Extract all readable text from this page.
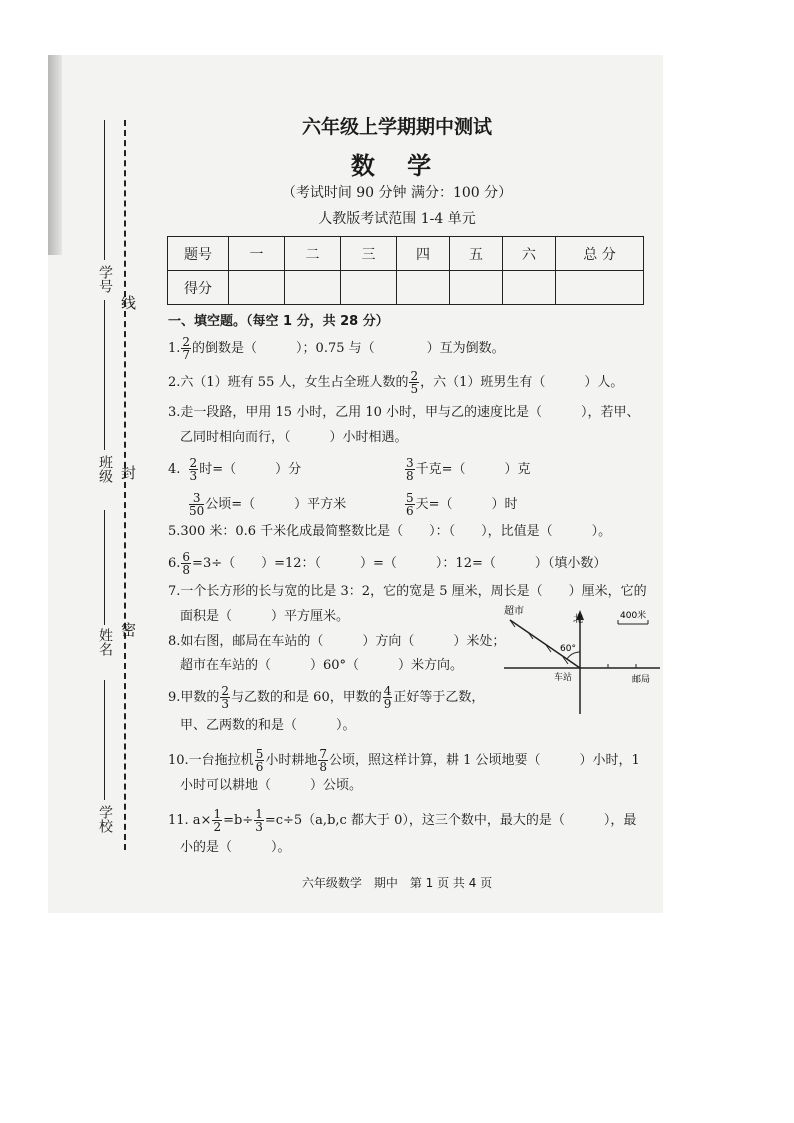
学号
线
班级 封
姓名 密
学校
六年级上学期期中测试
数 学
（考试时间 90 分钟 满分：100 分）
人教版考试范围 1-4 单元
题号	一	二	三	四	五	六	总 分
得分							
一、填空题。（每空 1 分，共 28 分）
1. $\frac{2}{7}$ 的倒数是（　　　）；0.75 与（　　　　）互为倒数。
2.六（1）班有 55 人，女生占全班人数的 $\frac{2}{5}$ ，六（1）班男生有（　　　）人。
3.走一段路，甲用 15 小时，乙用 10 小时，甲与乙的速度比是（　　　），若甲、
乙同时相向而行，（　　　）小时相遇。
4. $\frac{2}{3}$ 时=（　　　）分	$\frac{3}{8}$ 千克=（　　　）克
$\frac{3}{50}$ 公顷=（　　　）平方米	$\frac{5}{6}$ 天=（　　　）时
5.300 米：0.6 千米化成最简整数比是（　　）：（　　），比值是（　　　）。
6. $\frac{6}{8} =3\div$（　　）=12：（　　　）=（　　　）：12=（　　　）（填小数）
7.一个长方形的长与宽的比是 3：2，它的宽是 5 厘米，周长是（　　）厘米，它的
面积是（　　　）平方厘米。
8.如右图，邮局在车站的（　　　）方向（　　　）米处；
超市在车站的（　　　）60°（　　　）米方向。
超市
北	400米
60°
车站	邮局
9.甲数的 $\frac{2}{3}$ 与乙数的和是 60，甲数的 $\frac{4}{9}$ 正好等于乙数，
甲、乙两数的和是（　　　）。
10.一台拖拉机 $\frac{5}{6}$ 小时耕地 $\frac{7}{8}$ 公顷，照这样计算，耕 1 公顷地要（　　　）小时，1
小时可以耕地（　　　）公顷。
11. $a\times \frac{1}{2} =b\div \frac{1}{3} =c\div 5(a,b,c$ 都大于 0），这三个数中，最大的是（　　　），最
小的是（　　　）。
六年级数学　期中　第 1 页 共 4 页
